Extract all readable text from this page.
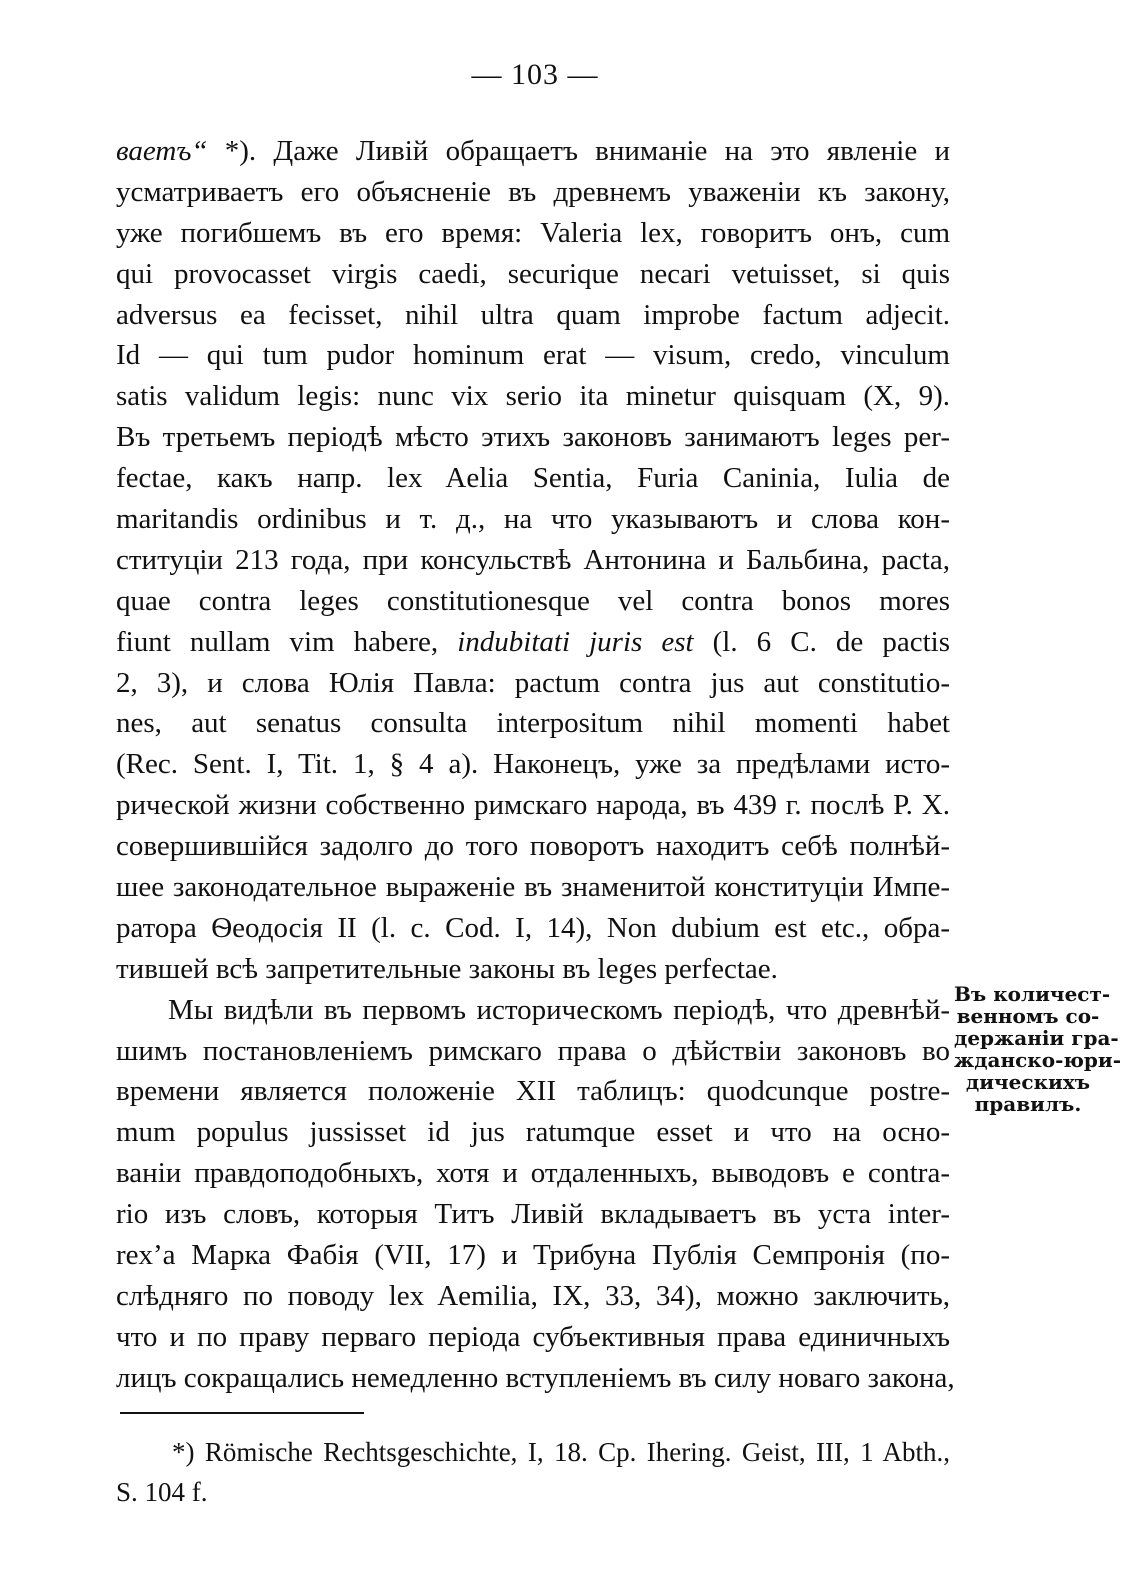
— 103 —
ваетъ“ *). Даже Ливій обращаетъ вниманіе на это явленіе и
усматриваетъ его объясненіе въ древнемъ уваженіи къ закону,
уже погибшемъ въ его время: Valeria lex, говоритъ онъ, cum
qui provocasset virgis caedi, securique necari vetuisset, si quis
adversus ea fecisset, nihil ultra quam improbe factum adjecit.
Id — qui tum pudor hominum erat — visum, credo, vinculum
satis validum legis: nunc vix serio ita minetur quisquam (X, 9).
Въ третьемъ періодѣ мѣсто этихъ законовъ занимаютъ leges per-
fectae, какъ напр. lex Aelia Sentia, Furia Caninia, Iulia de
maritandis ordinibus и т. д., на что указываютъ и слова кон-
ституціи 213 года, при консульствѣ Антонина и Бальбина, pacta,
quae contra leges constitutionesque vel contra bonos mores
fiunt nullam vim habere, indubitati juris est (l. 6 C. de pactis
2, 3), и слова Юлія Павла: pactum contra jus aut constitutio-
nes, aut senatus consulta interpositum nihil momenti habet
(Rec. Sent. I, Tit. 1, § 4 a). Наконецъ, уже за предѣлами исто-
рической жизни собственно римскаго народа, въ 439 г. послѣ Р. X.
совершившійся задолго до того поворотъ находитъ себѣ полнѣй-
шее законодательное выраженіе въ знаменитой конституціи Импе-
ратора Ѳеодосія II (l. c. Cod. I, 14), Non dubium est etc., обра-
тившей всѣ запретительные законы въ leges perfectae.
Мы видѣли въ первомъ историческомъ періодѣ, что древнѣй-
шимъ постановленіемъ римскаго права о дѣйствіи законовъ во
времени является положеніе XII таблицъ: quodcunque postre-
mum populus jussisset id jus ratumque esset и что на осно-
ваніи правдоподобныхъ, хотя и отдаленныхъ, выводовъ е contra-
rio изъ словъ, которыя Титъ Ливій вкладываетъ въ уста inter-
rex’а Марка Фабія (VII, 17) и Трибуна Публія Семпронія (по-
слѣдняго по поводу lex Aemilia, IX, 33, 34), можно заключить,
что и по праву перваго періода субъективныя права единичныхъ
лицъ сокращались немедленно вступленіемъ въ силу новаго закона,
Въ количест-
венномъ со-
держаніи гра-
жданско-юри-
дическихъ
правилъ.
*) Römische Rechtsgeschichte, I, 18. Cp. Ihering. Geist, III, 1 Abth.,
S. 104 f.
